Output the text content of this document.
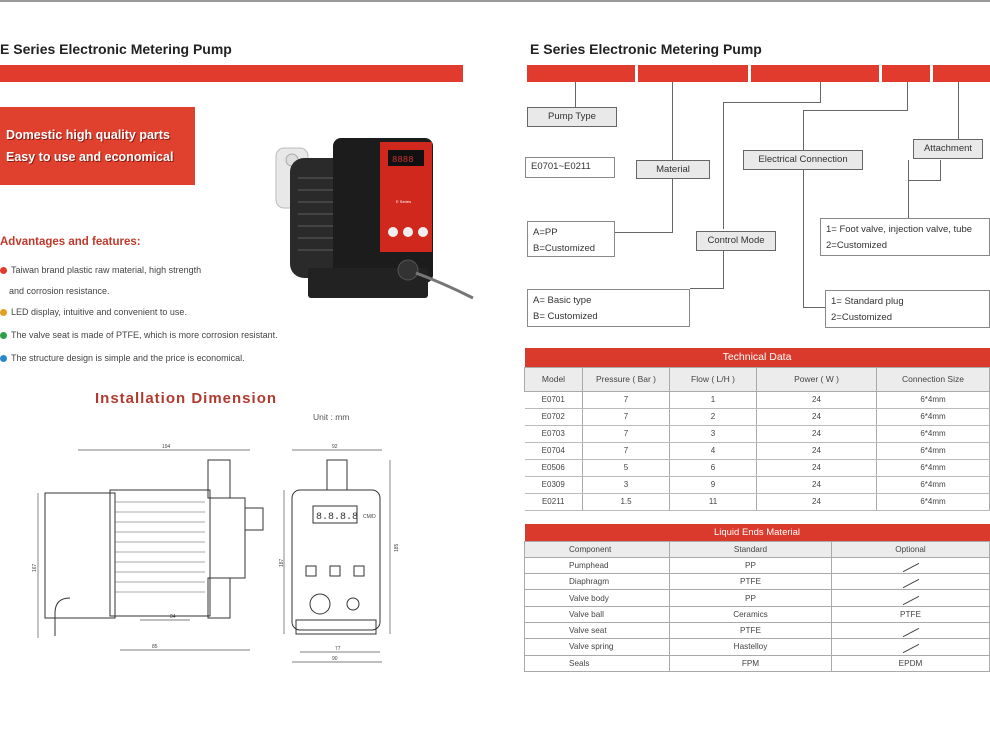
E Series Electronic Metering Pump
Domestic high quality parts
Easy to use and economical	8888
E Series
Advantages and features:
Taiwan brand plastic raw material, high strength
and corrosion resistance.
LED display, intuitive and convenient to use.
The valve seat is made of PTFE, which is more corrosion resistant.
The structure design is simple and the price is economical.
Installation Dimension
Unit : mm
194
167
84
85
92
8.8.8.8 CM/D
185
187
77
90
E Series Electronic Metering Pump
Pump Type
E0701~E0211	Material
A=PP
B=Customized
Control Mode
A= Basic type
B= Customized
Electrical Connection
1= Standard plug
2=Customized
Attachment
1= Foot valve, injection valve, tube
2=Customized
Technical Data				
Model	Pressure ( Bar )	Flow ( L/H )	Power ( W )	Connection Size
E0701	7	1	24	6*4mm
E0702	7	2	24	6*4mm
E0703	7	3	24	6*4mm
E0704	7	4	24	6*4mm
E0506	5	6	24	6*4mm
E0309	3	9	24	6*4mm
E0211	1.5	11	24	6*4mm
Liquid Ends Material		
Component	Standard	Optional
Pumphead	PP	
Diaphragm	PTFE	
Valve body	PP	
Valve ball	Ceramics	PTFE
Valve seat	PTFE	
Valve spring	Hastelloy	
Seals	FPM	EPDM
